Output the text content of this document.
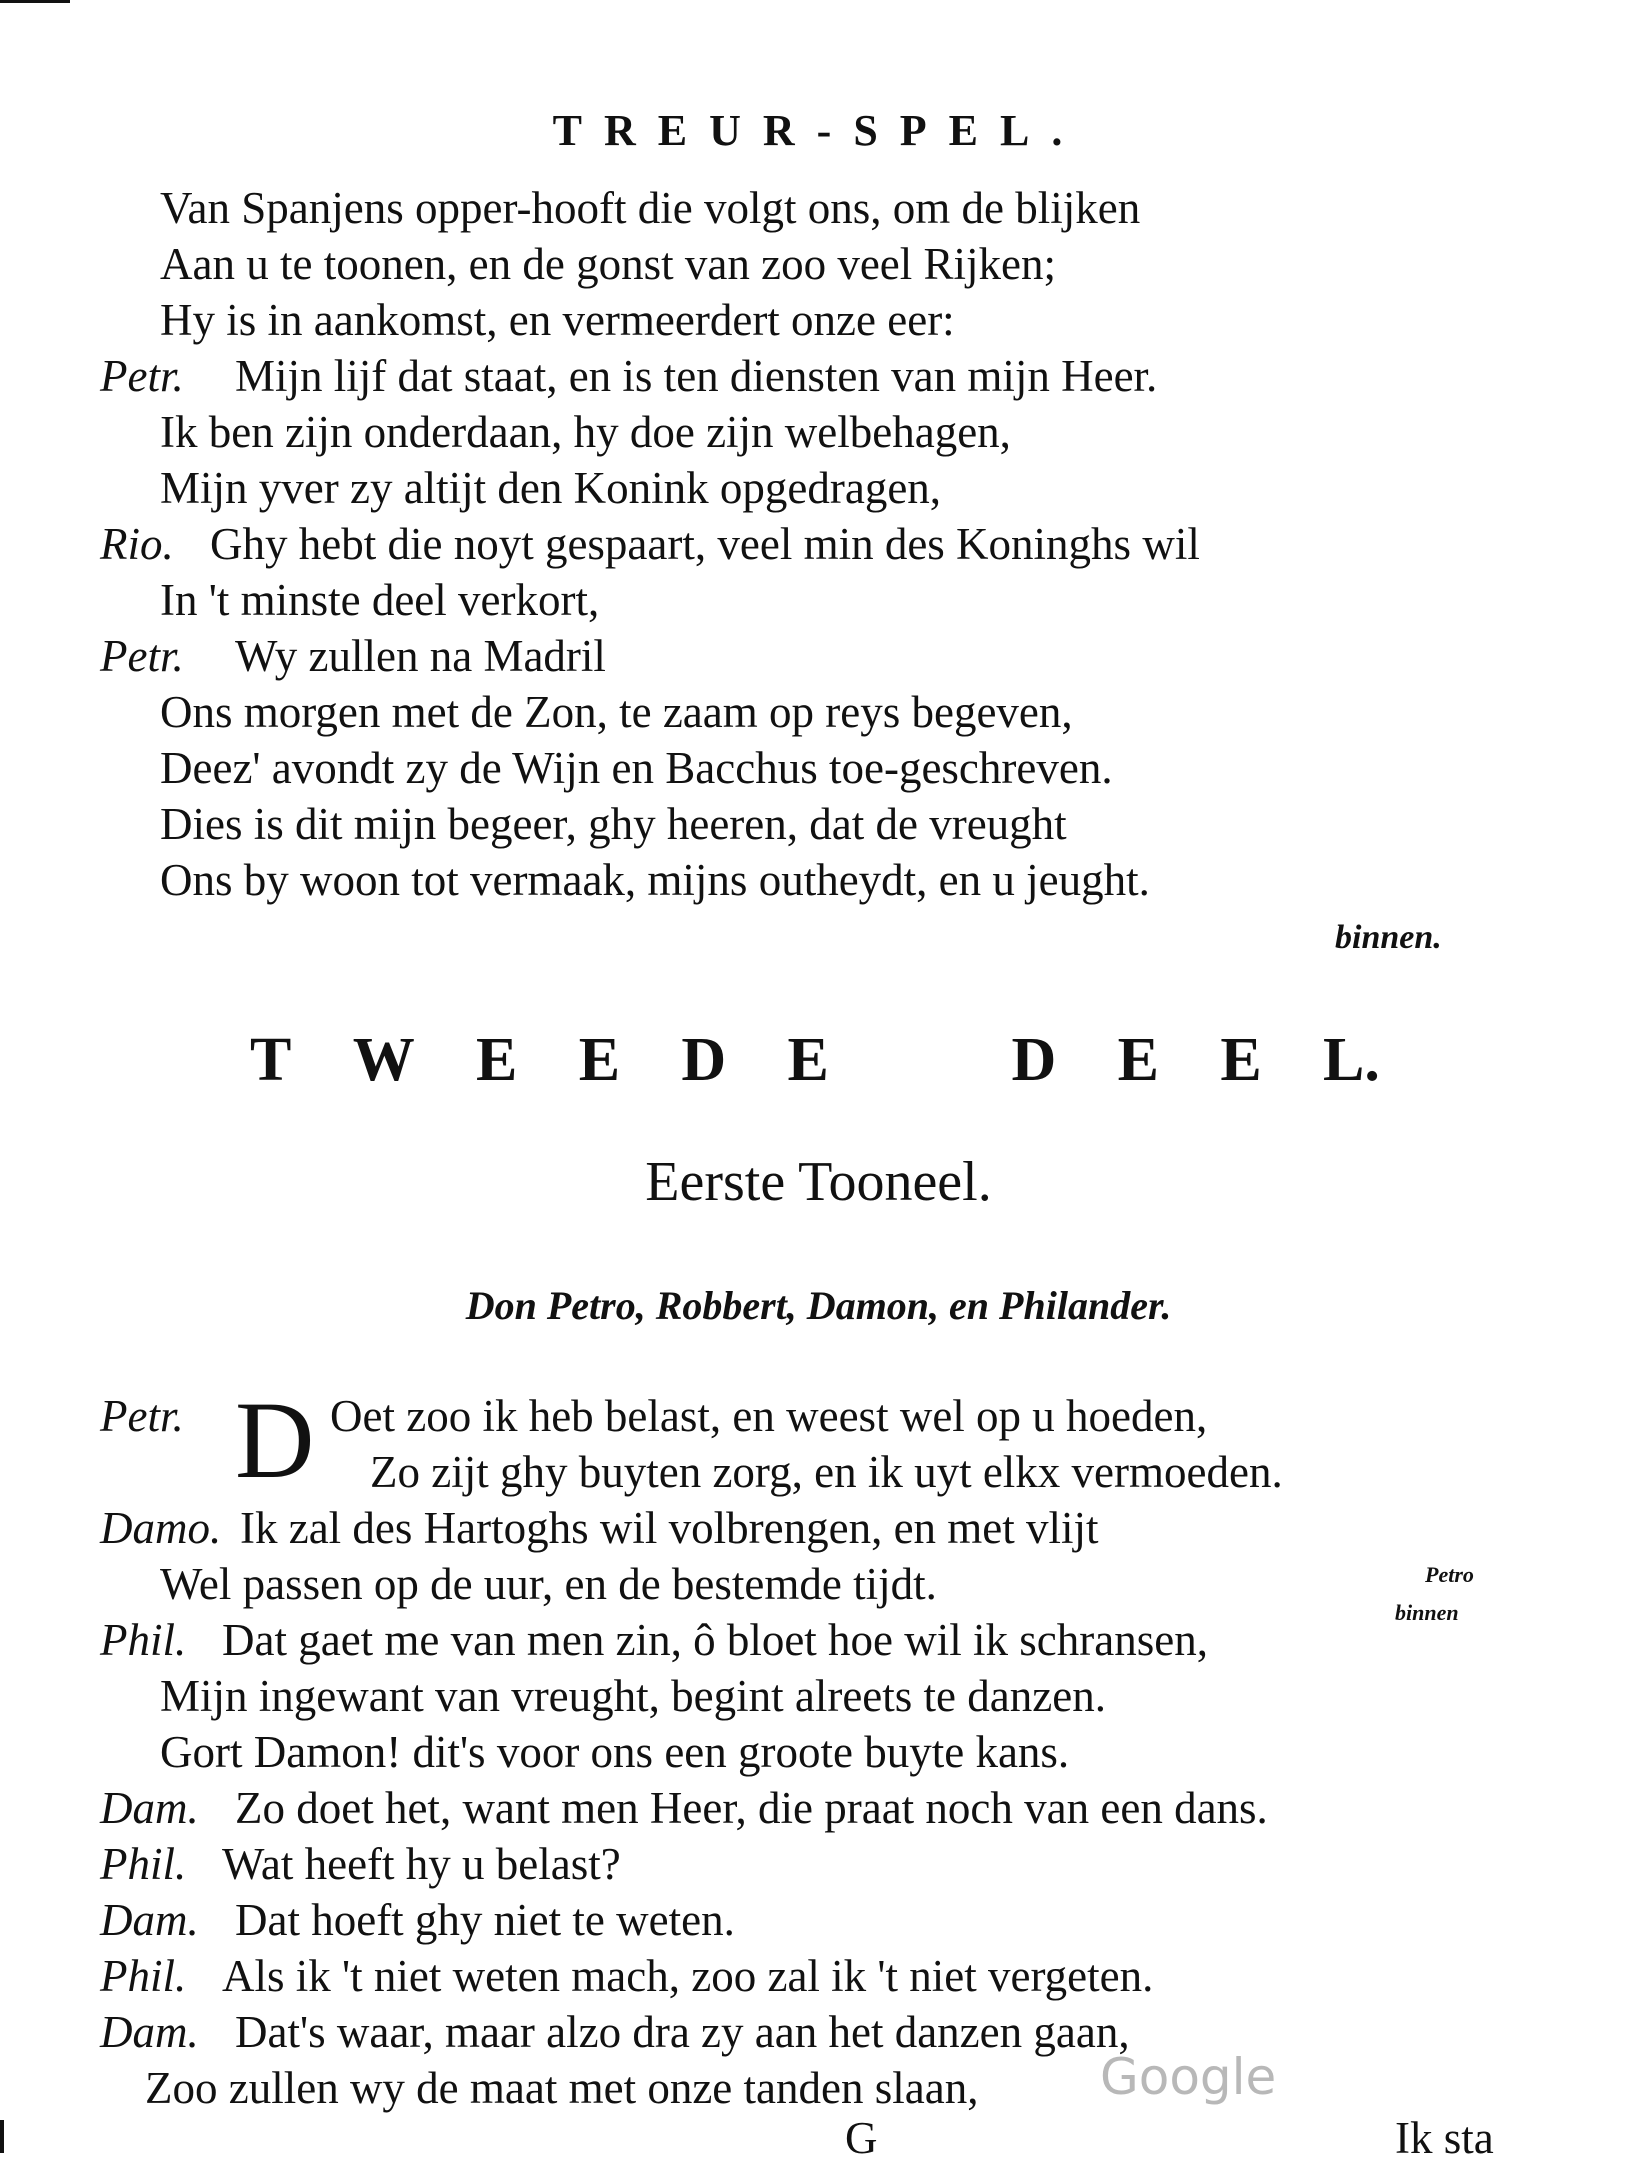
TREUR-SPEL.
Van Spanjens opper-hooft die volgt ons, om de blijken
Aan u te toonen, en de gonst van zoo veel Rijken;
Hy is in aankomst, en vermeerdert onze eer:
Petr. Mijn lijf dat staat, en is ten diensten van mijn Heer.
Ik ben zijn onderdaan, hy doe zijn welbehagen,
Mijn yver zy altijt den Konink opgedragen,
Rio. Ghy hebt die noyt gespaart, veel min des Koninghs wil
In 't minste deel verkort,
Petr. Wy zullen na Madril
Ons morgen met de Zon, te zaam op reys begeven,
Deez' avondt zy de Wijn en Bacchus toe-geschreven.
Dies is dit mijn begeer, ghy heeren, dat de vreught
Ons by woon tot vermaak, mijns outheydt, en u jeught.
binnen.
T W E E D E	D E E L.
Eerste Tooneel.
Don Petro, Robbert, Damon, en Philander.
Petr. D Oet zoo ik heb belast, en weest wel op u hoeden,
Zo zijt ghy buyten zorg, en ik uyt elkx vermoeden.
Damo. Ik zal des Hartoghs wil volbrengen, en met vlijt
Wel passen op de uur, en de bestemde tijdt.	Petro
binnen
Phil. Dat gaet me van men zin, ô bloet hoe wil ik schransen,
Mijn ingewant van vreught, begint alreets te danzen.
Gort Damon! dit's voor ons een groote buyte kans.
Dam. Zo doet het, want men Heer, die praat noch van een dans.
Phil. Wat heeft hy u belast?
Dam. Dat hoeft ghy niet te weten.
Phil. Als ik 't niet weten mach, zoo zal ik 't niet vergeten.
Dam. Dat's waar, maar alzo dra zy aan het danzen gaan,
Zoo zullen wy de maat met onze tanden slaan, Google
G	Ik sta
